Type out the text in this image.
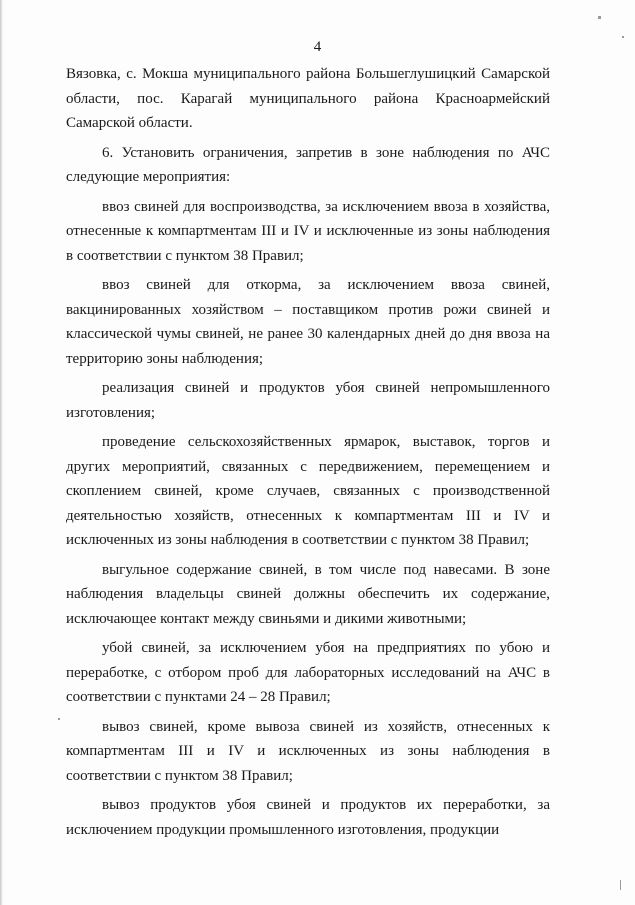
4

Вязовка, с. Мокша муниципального района Большеглушицкий Самарской области, пос. Карагай муниципального района Красноармейский Самарской области.

6. Установить ограничения, запретив в зоне наблюдения по АЧС следующие мероприятия:

ввоз свиней для воспроизводства, за исключением ввоза в хозяйства, отнесенные к компартментам III и IV и исключенные из зоны наблюдения в соответствии с пунктом 38 Правил;

ввоз свиней для откорма, за исключением ввоза свиней, вакцинированных хозяйством – поставщиком против рожи свиней и классической чумы свиней, не ранее 30 календарных дней до дня ввоза на территорию зоны наблюдения;

реализация свиней и продуктов убоя свиней непромышленного изготовления;

проведение сельскохозяйственных ярмарок, выставок, торгов и других мероприятий, связанных с передвижением, перемещением и скоплением свиней, кроме случаев, связанных с производственной деятельностью хозяйств, отнесенных к компартментам III и IV и исключенных из зоны наблюдения в соответствии с пунктом 38 Правил;

выгульное содержание свиней, в том числе под навесами. В зоне наблюдения владельцы свиней должны обеспечить их содержание, исключающее контакт между свиньями и дикими животными;

убой свиней, за исключением убоя на предприятиях по убою и переработке, с отбором проб для лабораторных исследований на АЧС в соответствии с пунктами 24 – 28 Правил;

вывоз свиней, кроме вывоза свиней из хозяйств, отнесенных к компартментам III и IV и исключенных из зоны наблюдения в соответствии с пунктом 38 Правил;

вывоз продуктов убоя свиней и продуктов их переработки, за исключением продукции промышленного изготовления, продукции
